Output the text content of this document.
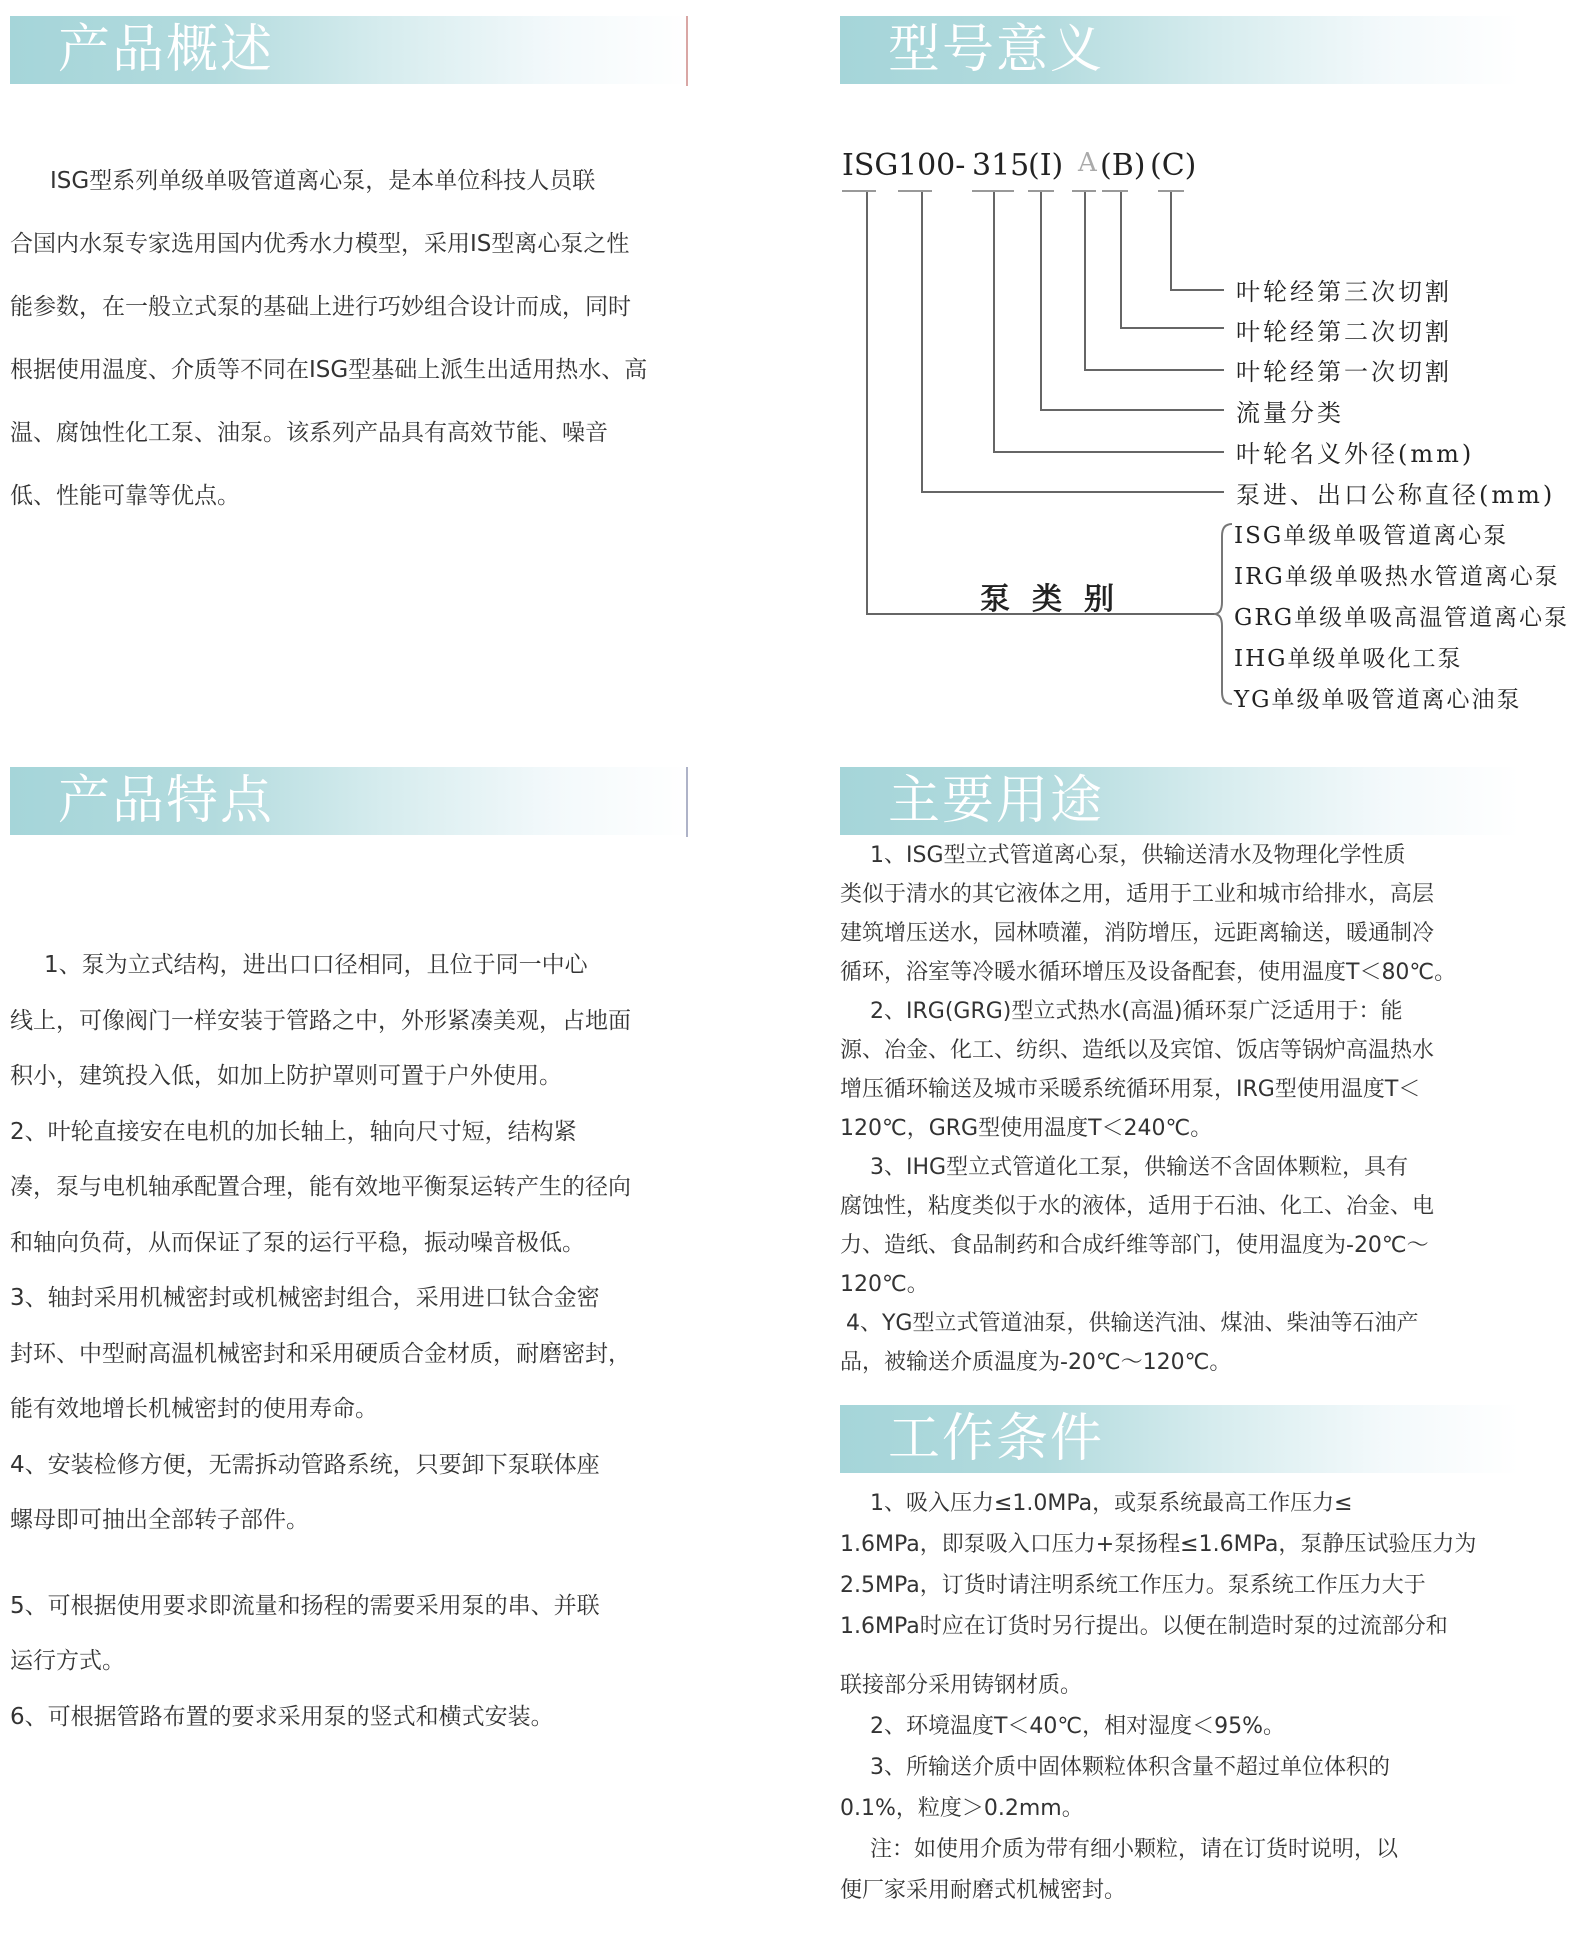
产品概述

ISG型系列单级单吸管道离心泵，是本单位科技人员联

合国内水泵专家选用国内优秀水力模型，采用IS型离心泵之性

能参数，在一般立式泵的基础上进行巧妙组合设计而成，同时

根据使用温度、介质等不同在ISG型基础上派生出适用热水、高

温、腐蚀性化工泵、油泵。该系列产品具有高效节能、噪音

低、性能可靠等优点。

型号意义
ISG 100- 315
(I) A (B) (C)
叶轮经第三次切割
叶轮经第二次切割
叶轮经第一次切割
流量分类
叶轮名义外径(mm)
泵进、出口公称直径(mm)
泵类别
ISG单级单吸管道离心泵
IRG单级单吸热水管道离心泵
GRG单级单吸高温管道离心泵
IHG单级单吸化工泵
YG单级单吸管道离心油泵
产品特点

1、泵为立式结构，进出口口径相同，且位于同一中心

线上，可像阀门一样安装于管路之中，外形紧凑美观，占地面

积小，建筑投入低，如加上防护罩则可置于户外使用。

2、叶轮直接安在电机的加长轴上，轴向尺寸短，结构紧

凑，泵与电机轴承配置合理，能有效地平衡泵运转产生的径向

和轴向负荷，从而保证了泵的运行平稳，振动噪音极低。

3、轴封采用机械密封或机械密封组合，采用进口钛合金密

封环、中型耐高温机械密封和采用硬质合金材质，耐磨密封，

能有效地增长机械密封的使用寿命。

4、安装检修方便，无需拆动管路系统，只要卸下泵联体座

螺母即可抽出全部转子部件。

5、可根据使用要求即流量和扬程的需要采用泵的串、并联

运行方式。

6、可根据管路布置的要求采用泵的竖式和横式安装。

主要用途

1、ISG型立式管道离心泵，供输送清水及物理化学性质

类似于清水的其它液体之用，适用于工业和城市给排水，高层

建筑增压送水，园林喷灌，消防增压，远距离输送，暖通制冷

循环，浴室等冷暖水循环增压及设备配套，使用温度T＜80℃。

2、IRG(GRG)型立式热水(高温)循环泵广泛适用于：能

源、冶金、化工、纺织、造纸以及宾馆、饭店等锅炉高温热水

增压循环输送及城市采暖系统循环用泵，IRG型使用温度T＜

120℃，GRG型使用温度T＜240℃。

3、IHG型立式管道化工泵，供输送不含固体颗粒，具有

腐蚀性，粘度类似于水的液体，适用于石油、化工、冶金、电

力、造纸、食品制药和合成纤维等部门，使用温度为-20℃～

120℃。

4、YG型立式管道油泵，供输送汽油、煤油、柴油等石油产

品，被输送介质温度为-20℃～120℃。

工作条件

1、吸入压力≤1.0MPa，或泵系统最高工作压力≤

1.6MPa，即泵吸入口压力+泵扬程≤1.6MPa，泵静压试验压力为

2.5MPa，订货时请注明系统工作压力。泵系统工作压力大于

1.6MPa时应在订货时另行提出。以便在制造时泵的过流部分和

联接部分采用铸钢材质。

2、环境温度T＜40℃，相对湿度＜95%。

3、所输送介质中固体颗粒体积含量不超过单位体积的

0.1%，粒度＞0.2mm。

注：如使用介质为带有细小颗粒，请在订货时说明，以

便厂家采用耐磨式机械密封。
